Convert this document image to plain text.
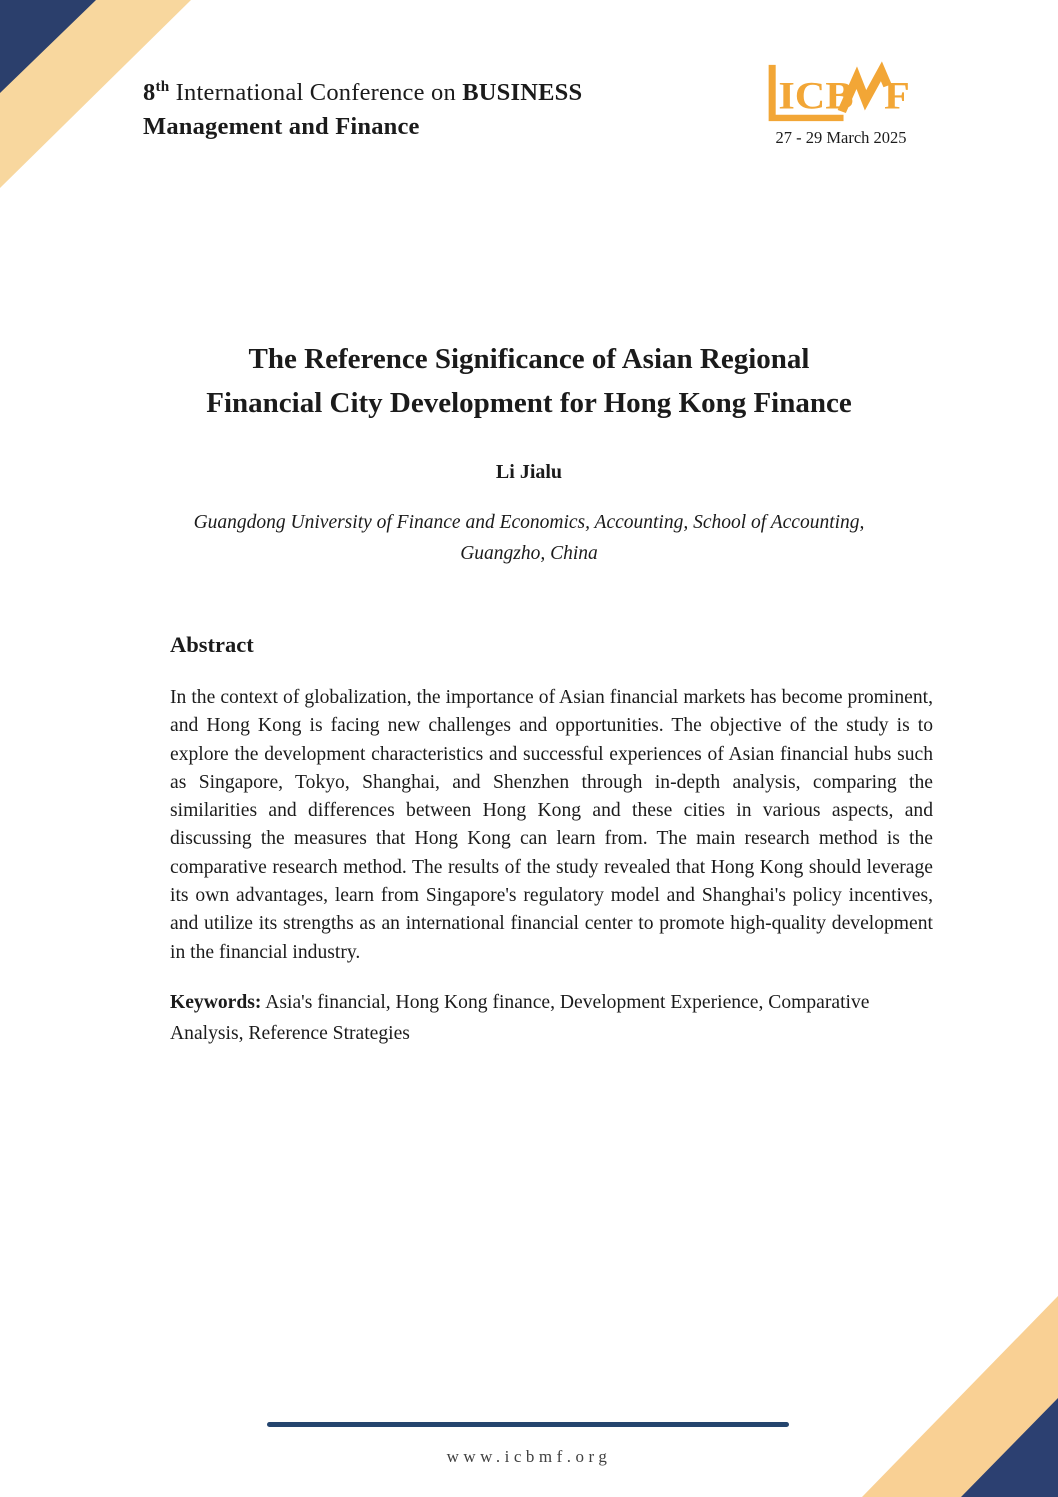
8th International Conference on BUSINESS
Management and Finance
ICB F
27 - 29 March 2025
The Reference Significance of Asian Regional
Financial City Development for Hong Kong Finance
Li Jialu
Guangdong University of Finance and Economics, Accounting, School of Accounting,
Guangzho, China
Abstract

In the context of globalization, the importance of Asian financial markets has become prominent, and Hong Kong is facing new challenges and opportunities. The objective of the study is to explore the development characteristics and successful experiences of Asian financial hubs such as Singapore, Tokyo, Shanghai, and Shenzhen through in-depth analysis, comparing the similarities and differences between Hong Kong and these cities in various aspects, and discussing the measures that Hong Kong can learn from. The main research method is the comparative research method. The results of the study revealed that Hong Kong should leverage its own advantages, learn from Singapore's regulatory model and Shanghai's policy incentives, and utilize its strengths as an international financial center to promote high-quality development in the financial industry.

Keywords: Asia's financial, Hong Kong finance, Development Experience, Comparative Analysis, Reference Strategies

www.icbmf.org
